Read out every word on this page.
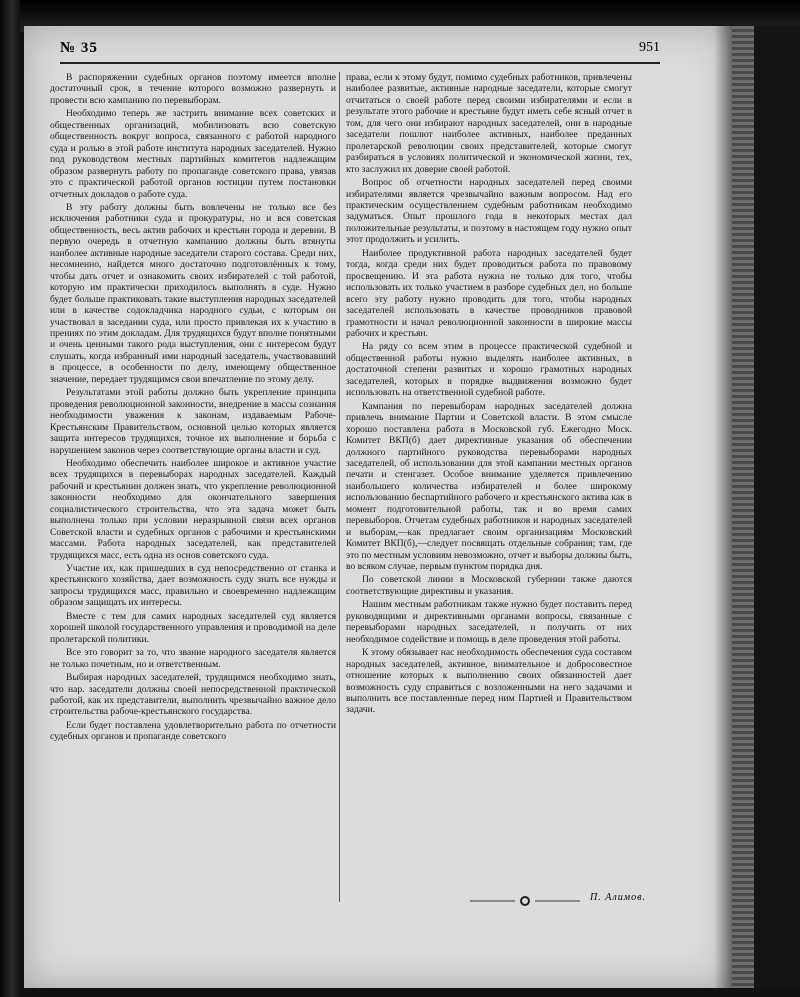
№ 35	951

В распоряжении судебных органов поэтому имеется вполне достаточный срок, в течение которого возможно развернуть и провести всю кампанию по перевыборам.

Необходимо теперь же застрить внимание всех советских и общественных организаций, мобилизовать всю советскую общественность вокруг вопроса, связанного с работой народного суда и ролью в этой работе института народных заседателей. Нужно под руководством местных партийных комитетов надлежащим образом развернуть работу по пропаганде советского права, увязав это с практической работой органов юстиции путем постановки отчетных докладов о работе суда.

В эту работу должны быть вовлечены не только все без исключения работники суда и прокуратуры, но и вся советская общественность, весь актив рабочих и крестьян города и деревни. В первую очередь в отчетную кампанию должны быть втянуты наиболее активные народные заседатели старого состава. Среди них, несомненно, найдется много достаточно подготовлённых к тому, чтобы дать отчет и ознакомить своих избирателей с той работой, которую им практически приходилось выполнять в суде. Нужно будет больше практиковать такие выступления народных заседателей или в качестве содокладчика народного судьи, с которым он участвовал в заседании суда, или просто привлекая их к участию в прениях по этим докладам. Для трудящихся будут вполне понятными и очень ценными такого рода выступления, они с интересом будут слушать, когда избранный ими народный заседатель, участвовавший в процессе, в особенности по делу, имеющему общественное значение, передает трудящимся свои впечатление по этому делу.

Результатами этой работы должно быть укрепление принципа проведения революционной законности, внедрение в массы сознания необходимости уважения к законам, издаваемым Рабоче-Крестьянским Правительством, основной целью которых является защита интересов трудящихся, точное их выполнение и борьба с нарушением законов через соответствующие органы власти и суд.

Необходимо обеспечить наиболее широкое и активное участие всех трудящихся в перевыборах народных заседателей. Каждый рабочий и крестьянин должен знать, что укрепление революционной законности необходимо для окончательного завершения социалистического строительства, что эта задача может быть выполнена только при условии неразрывной связи всех органов Советской власти и судебных органов с рабочими и крестьянскими массами. Работа народных заседателей, как представителей трудящихся масс, есть одна из основ советского суда.

Участие их, как пришедших в суд непосредственно от станка и крестьянского хозяйства, дает возможность суду знать все нужды и запросы трудящихся масс, правильно и своевременно надлежащим образом защищать их интересы.

Вместе с тем для самих народных заседателей суд является хорошей школой государственного управления и проводимой на деле пролетарской политики.

Все это говорит за то, что звание народного заседателя является не только почетным, но и ответственным.

Выбирая народных заседателей, трудящимся необходимо знать, что нар. заседатели должны своей непосредственной практической работой, как их представители, выполнить чрезвычайно важное дело строительства рабоче-крестьянского государства.

Если будет поставлена удовлетворительно работа по отчетности судебных органов и пропаганде советского

права, если к этому будут, помимо судебных работников, привлечены наиболее развитые, активные народные заседатели, которые смогут отчитаться о своей работе перед своими избирателями и если в результате этого рабочие и крестьяне будут иметь себе ясный отчет в том, для чего они избирают народных заседателей, они в народные заседатели пошлют наиболее активных, наиболее преданных пролетарской революции своих представителей, которые смогут разбираться в условиях политической и экономической жизни, тех, кто заслужил их доверие своей работой.

Вопрос об отчетности народных заседателей перед своими избирателями является чрезвычайно важным вопросом. Над его практическим осуществлением судебным работникам необходимо задуматься. Опыт прошлого года в некоторых местах дал положительные результаты, и поэтому в настоящем году нужно опыт этот продолжить и усилить.

Наиболее продуктивной работа народных заседателей будет тогда, когда среди них будет проводиться работа по правовому просвещению. И эта работа нужна не только для того, чтобы использовать их только участием в разборе судебных дел, но больше всего эту работу нужно проводить для того, чтобы народных заседателей использовать в качестве проводников правовой грамотности и начал революционной законности в широкие массы рабочих и крестьян.

На ряду со всем этим в процессе практической судебной и общественной работы нужно выделять наиболее активных, в достаточной степени развитых и хорошо грамотных народных заседателей, которых в порядке выдвижения возможно будет использовать на ответственной судебной работе.

Кампания по перевыборам народных заседателей должна привлечь внимание Партии и Советской власти. В этом смысле хорошо поставлена работа в Московской губ. Ежегодно Моск. Комитет ВКП(б) дает директивные указания об обеспечении должного партийного руководства перевыборами народных заседателей, об использовании для этой кампании местных органов печати и стенгазет. Особое внимание уделяется привлечению наибольшего количества избирателей и более широкому использованию беспартийного рабочего и крестьянского актива как в момент подготовительной работы, так и во время самих перевыборов. Отчетам судебных работников и народных заседателей и выборам,—как предлагает своим организациям Московский Комитет ВКП(б),—следует посвящать отдельные собрания; там, где это по местным условиям невозможно, отчет и выборы должны быть, во всяком случае, первым пунктом порядка дня.

По советской линии в Московской губернии также даются соответствующие директивы и указания.

Нашим местным работникам также нужно будет поставить перед руководящими и директивными органами вопросы, связанные с перевыборами народных заседателей, и получить от них необходимое содействие и помощь в деле проведения этой работы.

К этому обязывает нас необходимость обеспечения суда составом народных заседателей, активное, внимательное и добросовестное отношение которых к выполнению своих обязанностей дает возможность суду справиться с возложенными на него задачами и выполнить все поставленные перед ним Партией и Правительством задачи.

П. Алимов.
